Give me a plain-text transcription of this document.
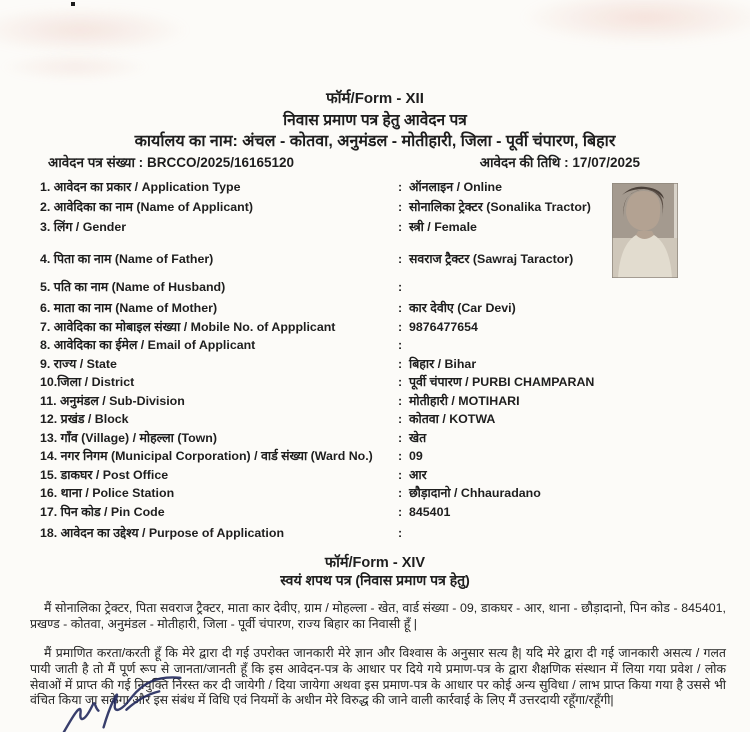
फॉर्म/Form - XII
निवास प्रमाण पत्र हेतु आवेदन पत्र
कार्यालय का नाम: अंचल - कोतवा, अनुमंडल - मोतीहारी, जिला - पूर्वी चंपारण, बिहार
आवेदन पत्र संख्या : BRCCO/2025/16165120	आवेदन की तिथि : 17/07/2025
1. आवेदन का प्रकार / Application Type	: ऑनलाइन / Online
2. आवेदिका का नाम (Name of Applicant)	: सोनालिका ट्रेक्टर (Sonalika Tractor)
3. लिंग / Gender	: स्त्री / Female
4. पिता का नाम (Name of Father)	: सवराज ट्रैक्टर (Sawraj Taractor)
5. पति का नाम (Name of Husband)	:
6. माता का नाम (Name of Mother)	: कार देवीए (Car Devi)
7. आवेदिका का मोबाइल संख्या / Mobile No. of Appplicant	: 9876477654
8. आवेदिका का ईमेल / Email of Applicant	:
9. राज्य / State	: बिहार / Bihar
10.जिला / District	: पूर्वी चंपारण / PURBI CHAMPARAN
11. अनुमंडल / Sub-Division	: मोतीहारी / MOTIHARI
12. प्रखंड / Block	: कोतवा / KOTWA
13. गाँव (Village) / मोहल्ला (Town)	: खेत
14. नगर निगम (Municipal Corporation) / वार्ड संख्या (Ward No.)	: 09
15. डाकघर / Post Office	: आर
16. थाना / Police Station	: छौड़ादानो / Chhauradano
17. पिन कोड / Pin Code	: 845401
18. आवेदन का उद्देश्य / Purpose of Application	:
फॉर्म/Form - XIV
स्वयं शपथ पत्र (निवास प्रमाण पत्र हेतु)
मैं सोनालिका ट्रेक्टर, पिता सवराज ट्रैक्टर, माता कार देवीए, ग्राम / मोहल्ला - खेत, वार्ड संख्या - 09, डाकघर - आर, थाना - छौड़ादानो, पिन कोड - 845401, प्रखण्ड - कोतवा, अनुमंडल - मोतीहारी, जिला - पूर्वी चंपारण, राज्य बिहार का निवासी हूँ |
मैं प्रमाणित करता/करती हूँ कि मेरे द्वारा दी गई उपरोक्त जानकारी मेरे ज्ञान और विश्वास के अनुसार सत्य है| यदि मेरे द्वारा दी गई जानकारी असत्य / गलत पायी जाती है तो मैं पूर्ण रूप से जानता/जानती हूँ कि इस आवेदन-पत्र के आधार पर दिये गये प्रमाण-पत्र के द्वारा शैक्षणिक संस्थान में लिया गया प्रवेश / लोक सेवाओं में प्राप्त की गई नियुक्ति निरस्त कर दी जायेगी / दिया जायेगा अथवा इस प्रमाण-पत्र के आधार पर कोई अन्य सुविधा / लाभ प्राप्त किया गया है उससे भी वंचित किया जा सकेगा और इस संबंध में विधि एवं नियमों के अधीन मेरे विरुद्ध की जाने वाली कार्रवाई के लिए मैं उत्तरदायी रहूँगा/रहूँगी|
